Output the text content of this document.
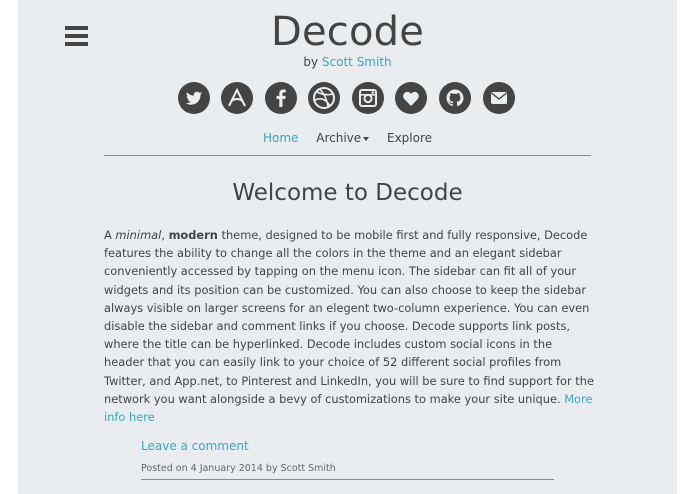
Decode
by Scott Smith
Home Archive Explore
Welcome to Decode
A minimal, modern theme, designed to be mobile first and fully responsive, Decode features the ability to change all the colors in the theme and an elegant sidebar conveniently accessed by tapping on the menu icon. The sidebar can fit all of your widgets and its position can be customized. You can also choose to keep the sidebar always visible on larger screens for an elegent two-column experience. You can even disable the sidebar and comment links if you choose. Decode supports link posts, where the title can be hyperlinked. Decode includes custom social icons in the header that you can easily link to your choice of 52 different social profiles from Twitter, and App.net, to Pinterest and LinkedIn, you will be sure to find support for the network you want alongside a bevy of customizations to make your site unique. More info here
Leave a comment
Posted on 4 January 2014 by Scott Smith
